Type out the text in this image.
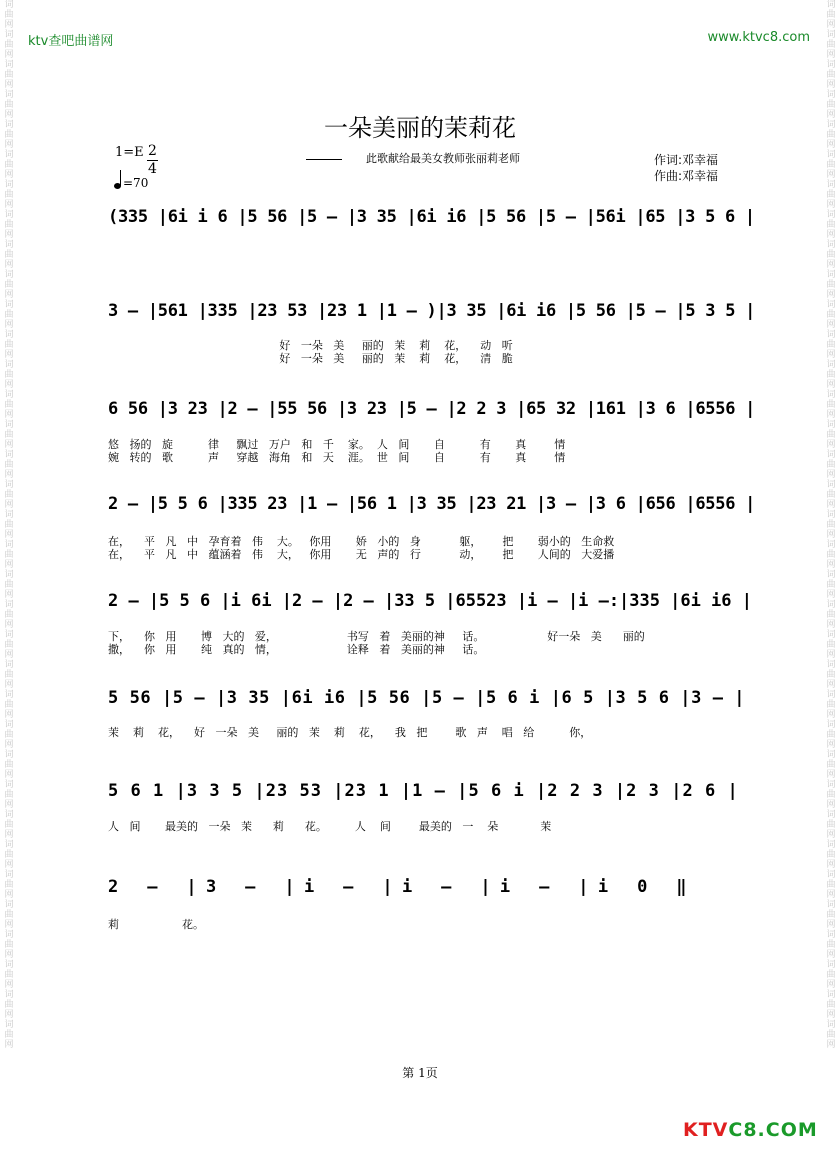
词曲网词曲网词曲网词曲网词曲网词曲网词曲网词曲网词曲网词曲网词曲网词曲网词曲网词曲网词曲网词曲网词曲网词曲网词曲网词曲网词曲网词曲网词曲网词曲网词曲网词曲网词曲网词曲网词曲网词曲网词曲网词曲网词曲网词曲网词曲网
词曲网词曲网词曲网词曲网词曲网词曲网词曲网词曲网词曲网词曲网词曲网词曲网词曲网词曲网词曲网词曲网词曲网词曲网词曲网词曲网词曲网词曲网词曲网词曲网词曲网词曲网词曲网词曲网词曲网词曲网词曲网词曲网词曲网词曲网词曲网
ktv查吧曲谱网	www.ktvc8.com
一朵美丽的茉莉花
此歌献给最美女教师张丽莉老师	作词:邓幸福
作曲:邓幸福
$1=E \frac{2}{4}$
=70
(335 |6i i 6 |5 56 |5 – |3 35 |6i i6 |5 56 |5 – |56i |65 |3 5 6 |
3 – |561 |335 |23 53 |23 1 |1 – )|3 35 |6i i6 |5 56 |5 – |5 3 5 |
好   一朵   美     丽的   茉    莉    花，    动   听
好   一朵   美     丽的   茉    莉    花，    清   脆
6 56 |3 23 |2 – |55 56 |3 23 |5 – |2 2 3 |65 32 |161 |3 6 |6556 |
悠   扬的   旋          律     飘过   万户   和   千    家。  人   间       自          有       真        情
婉   转的   歌          声     穿越   海角   和   天    涯。  世   间       自          有       真        情
2 – |5 5 6 |335 23 |1 – |56 1 |3 35 |23 21 |3 – |3 6 |656 |6556 |
在，    平   凡   中   孕育着   伟    大。   你用       娇   小的   身           躯，      把       弱小的   生命救
在，    平   凡   中   蕴涵着   伟    大，   你用       无   声的   行           动，      把       人间的   大爱播
2 – |5 5 6 |i 6i |2 – |2 – |33 5 |65523 |i – |i –:|335 |6i i6 |
下，    你   用       博   大的   爱，                    书写   着   美丽的神     话。                  好一朵   美      丽的
撒，    你   用       纯   真的   情，                    诠释   着   美丽的神     话。
5 56 |5 – |3 35 |6i i6 |5 56 |5 – |5 6 i |6 5 |3 5 6 |3 – |
茉    莉    花，    好   一朵   美     丽的   茉    莉    花，    我   把        歌   声    唱   给          你，
5 6 1 |3 3 5 |23 53 |23 1 |1 – |5 6 i |2 2 3 |2 3 |2 6 |
人   间       最美的   一朵   茉      莉      花。        人    间        最美的   一    朵            茉
2 – |3 – |i – |i – |i – |i 0 ‖
莉                  花。
第 1页
KTVC8.COM
